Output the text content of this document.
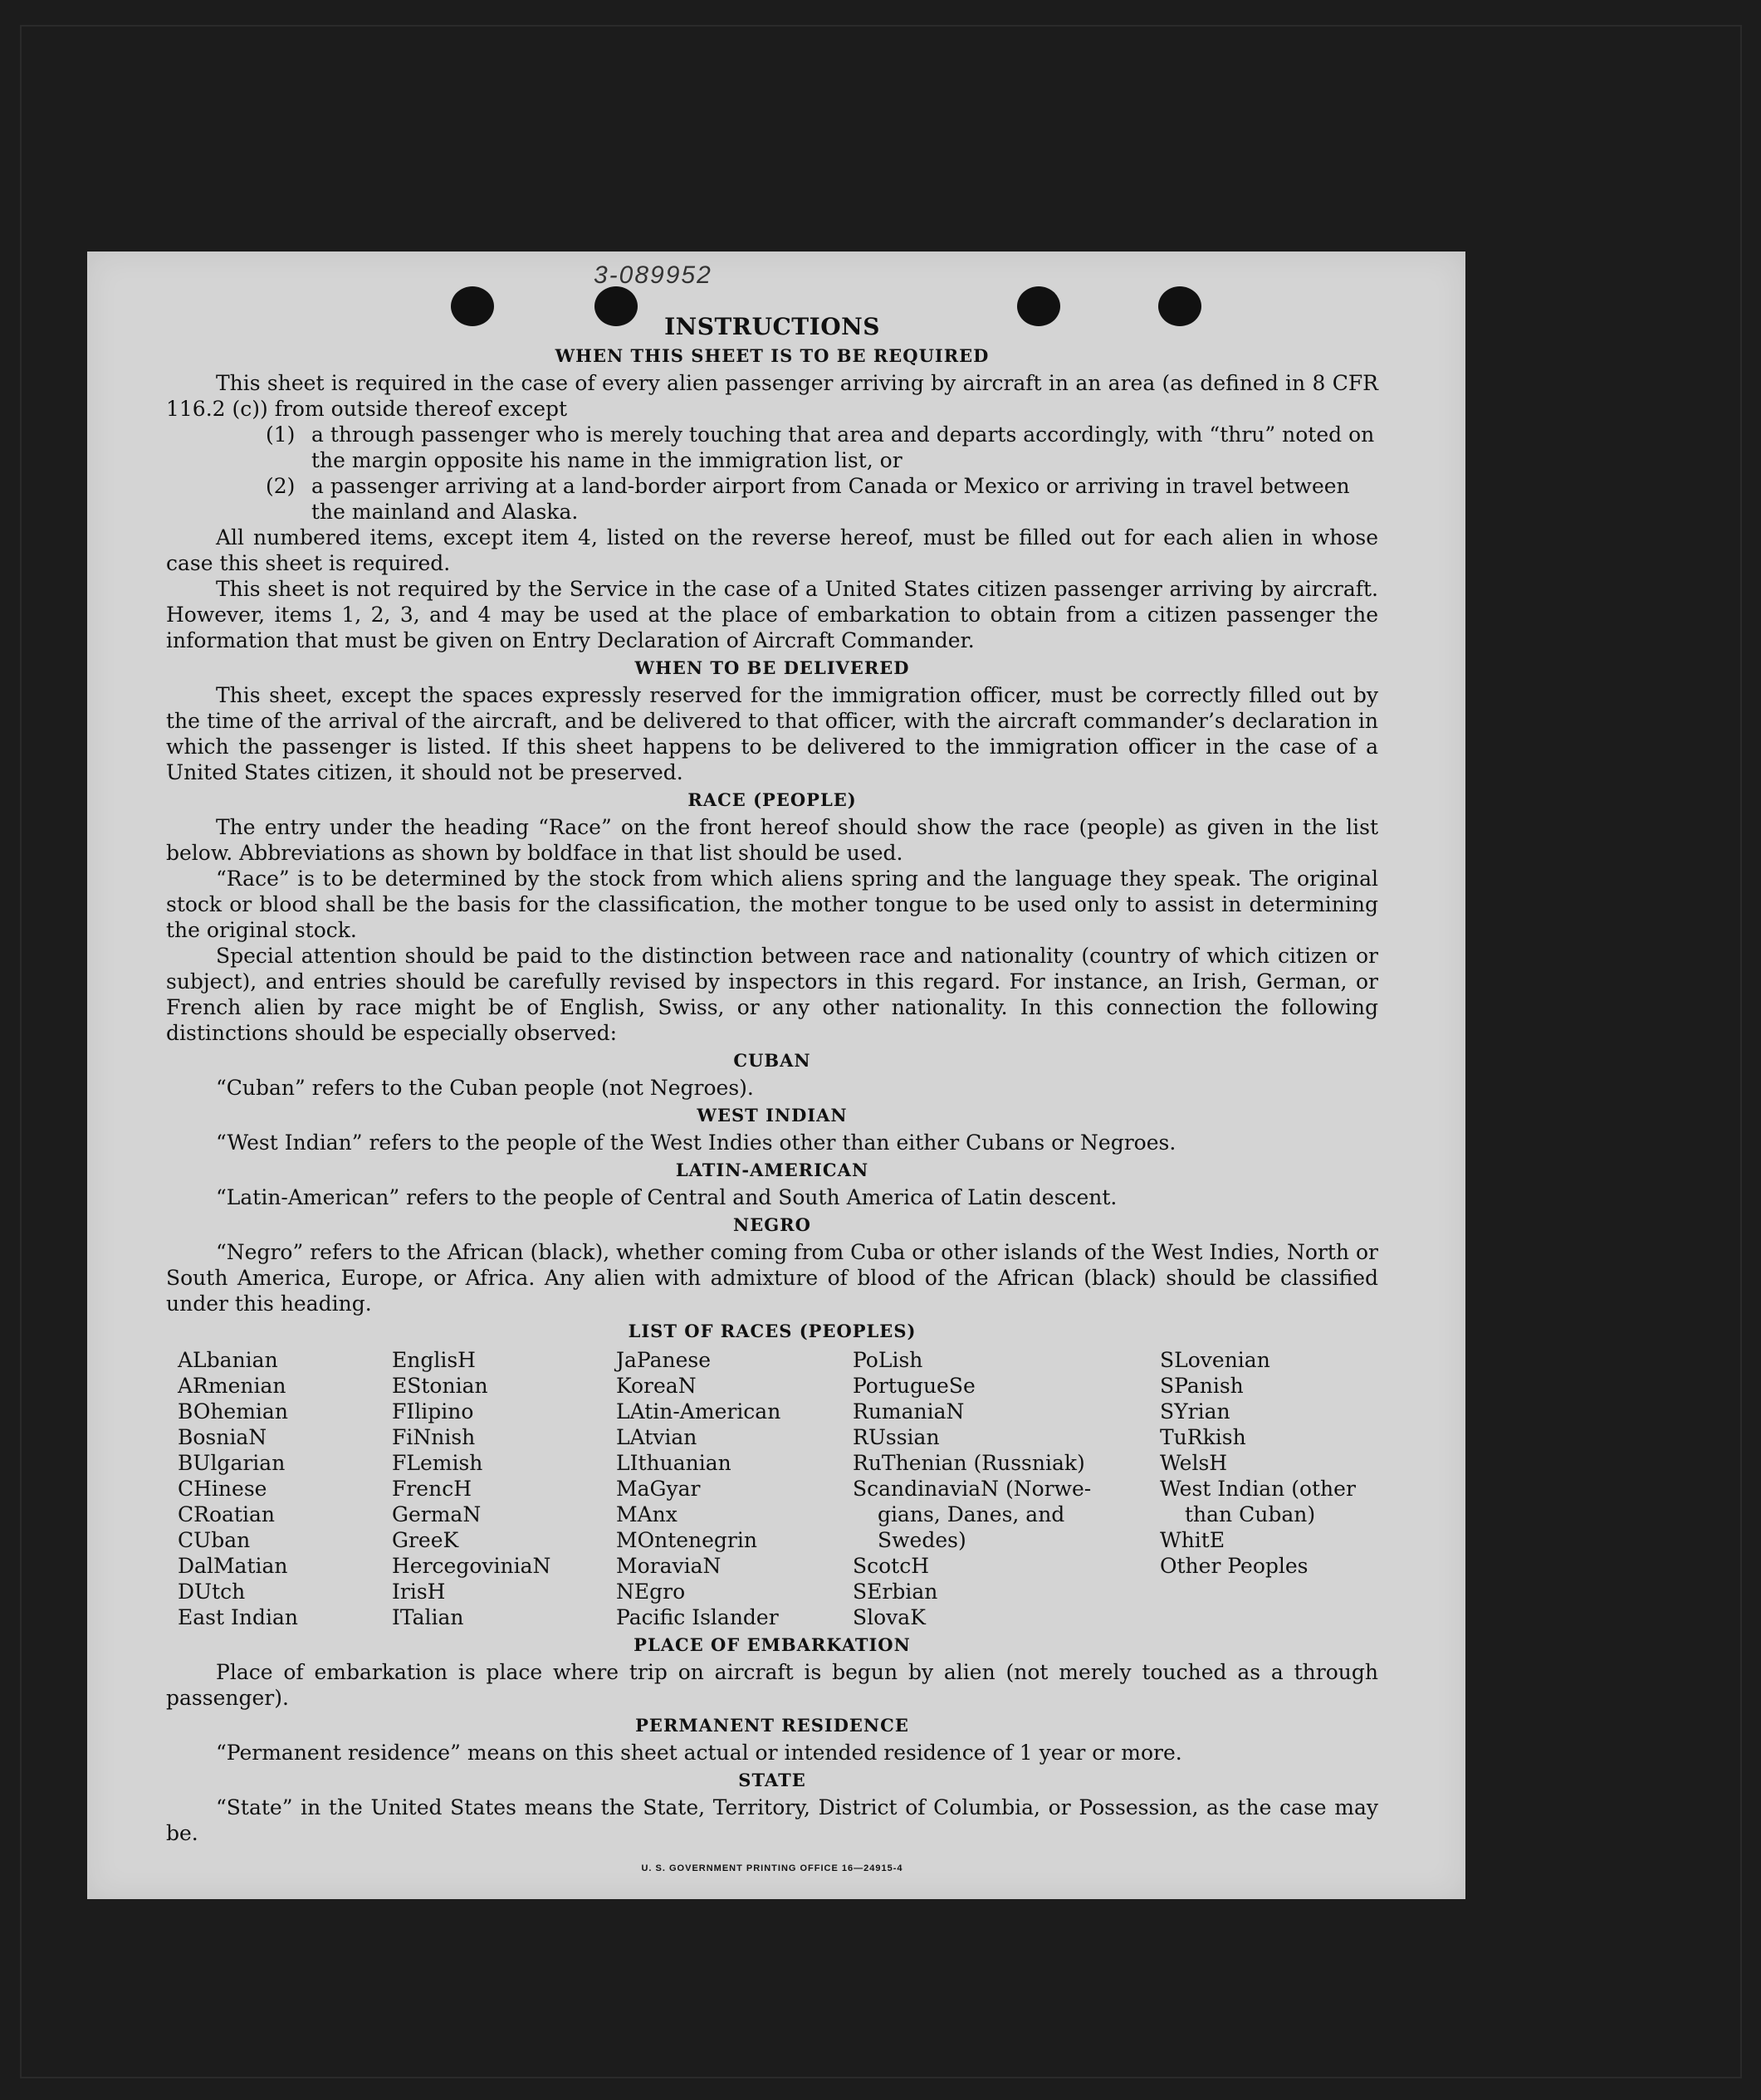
3-089952
INSTRUCTIONS
WHEN THIS SHEET IS TO BE REQUIRED

This sheet is required in the case of every alien passenger arriving by aircraft in an area (as defined in 8 CFR 116.2 (c)) from outside thereof except

(1) a through passenger who is merely touching that area and departs accordingly, with “thru” noted on the margin opposite his name in the immigration list, or
(2) a passenger arriving at a land-border airport from Canada or Mexico or arriving in travel between the mainland and Alaska.

All numbered items, except item 4, listed on the reverse hereof, must be filled out for each alien in whose case this sheet is required.

This sheet is not required by the Service in the case of a United States citizen passenger arriving by aircraft. However, items 1, 2, 3, and 4 may be used at the place of embarkation to obtain from a citizen passenger the information that must be given on Entry Declaration of Aircraft Commander.

WHEN TO BE DELIVERED

This sheet, except the spaces expressly reserved for the immigration officer, must be correctly filled out by the time of the arrival of the aircraft, and be delivered to that officer, with the aircraft commander’s declaration in which the passenger is listed. If this sheet happens to be delivered to the immigration officer in the case of a United States citizen, it should not be preserved.

RACE (PEOPLE)

The entry under the heading “Race” on the front hereof should show the race (people) as given in the list below. Abbreviations as shown by boldface in that list should be used.

“Race” is to be determined by the stock from which aliens spring and the language they speak. The original stock or blood shall be the basis for the classification, the mother tongue to be used only to assist in determining the original stock.

Special attention should be paid to the distinction between race and nationality (country of which citizen or subject), and entries should be carefully revised by inspectors in this regard. For instance, an Irish, German, or French alien by race might be of English, Swiss, or any other nationality. In this connection the following distinctions should be especially observed:

CUBAN

“Cuban” refers to the Cuban people (not Negroes).

WEST INDIAN

“West Indian” refers to the people of the West Indies other than either Cubans or Negroes.

LATIN-AMERICAN

“Latin-American” refers to the people of Central and South America of Latin descent.

NEGRO

“Negro” refers to the African (black), whether coming from Cuba or other islands of the West Indies, North or South America, Europe, or Africa. Any alien with admixture of blood of the African (black) should be classified under this heading.

LIST OF RACES (PEOPLES)
ALbanian
ARmenian
BOhemian
BosniaN
BUlgarian
CHinese
CRoatian
CUban
DalMatian
DUtch
East Indian
EnglisH
EStonian
FIlipino
FiNnish
FLemish
FrencH
GermaN
GreeK
HercegoviniaN
IrisH
ITalian
JaPanese
KoreaN
LAtin-American
LAtvian
LIthuanian
MaGyar
MAnx
MOntenegrin
MoraviaN
NEgro
Pacific Islander
PoLish
PortugueSe
RumaniaN
RUssian
RuThenian (Russniak)
ScandinaviaN (Norwe-
gians, Danes, and
Swedes)
ScotcH
SErbian
SlovaK
SLovenian
SPanish
SYrian
TuRkish
WelsH
West Indian (other
than Cuban)
WhitE
Other Peoples
PLACE OF EMBARKATION

Place of embarkation is place where trip on aircraft is begun by alien (not merely touched as a through passenger).

PERMANENT RESIDENCE

“Permanent residence” means on this sheet actual or intended residence of 1 year or more.

STATE

“State” in the United States means the State, Territory, District of Columbia, or Possession, as the case may be.

U. S. GOVERNMENT PRINTING OFFICE 16—24915-4
